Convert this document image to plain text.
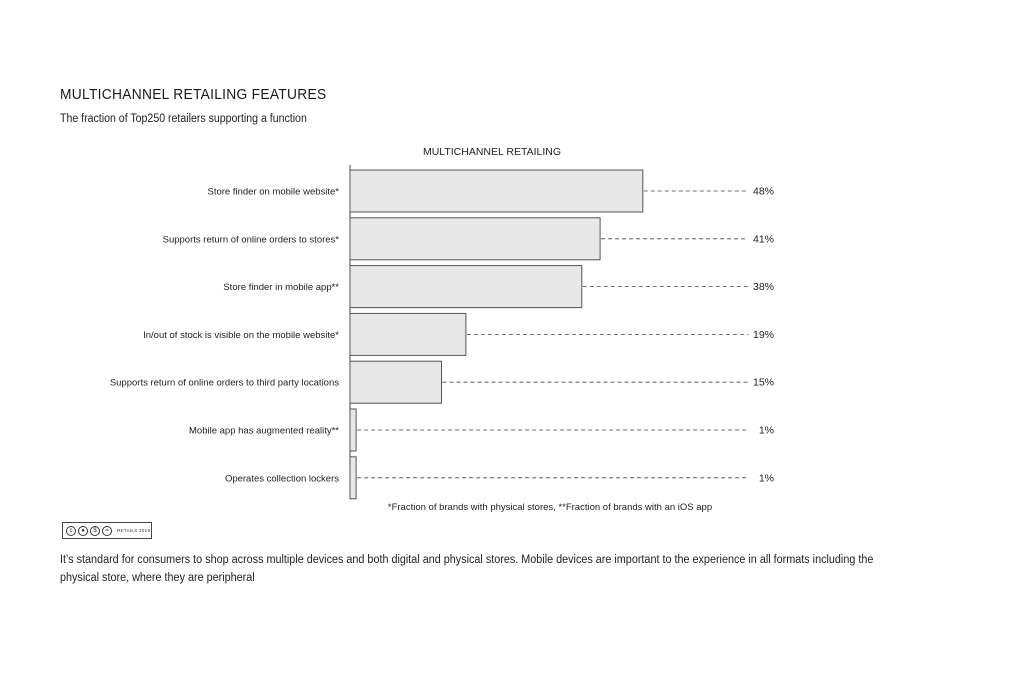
MULTICHANNEL RETAILING FEATURES
The fraction of Top250 retailers supporting a function
MULTICHANNEL RETAILING
Store finder on mobile website*	48%
Supports return of online orders to stores*	41%
Store finder in mobile app**	38%
In/out of stock is visible on the mobile website*	19%
Supports return of online orders to third party locations	15%
Mobile app has augmented reality**	1%
Operates collection lockers	1%
*Fraction of brands with physical stores, **Fraction of brands with an iOS app
c	●	$	=	RETAILS 2019
It’s standard for consumers to shop across multiple devices and both digital and physical stores. Mobile devices are important to the experience in all formats including the physical store, where they are peripheral
